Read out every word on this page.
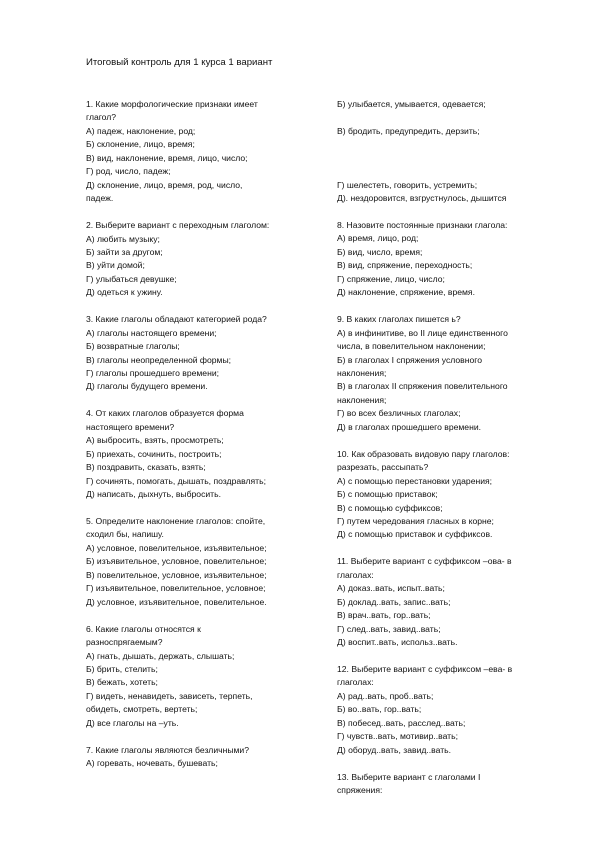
Итоговый контроль для 1 курса 1 вариант
1. Какие морфологические признаки имеет
глагол?
А) падеж, наклонение, род;
Б) склонение, лицо, время;
В) вид, наклонение, время, лицо, число;
Г) род, число, падеж;
Д) склонение, лицо, время, род, число,
падеж.
2. Выберите вариант с переходным глаголом:
А) любить музыку;
Б) зайти за другом;
В) уйти домой;
Г) улыбаться девушке;
Д) одеться к ужину.
3. Какие глаголы обладают категорией рода?
А) глаголы настоящего времени;
Б) возвратные глаголы;
В) глаголы неопределенной формы;
Г) глаголы прошедшего времени;
Д) глаголы будущего времени.
4. От каких глаголов образуется форма
настоящего времени?
А) выбросить, взять, просмотреть;
Б) приехать, сочинить, построить;
В) поздравить, сказать, взять;
Г) сочинять, помогать, дышать, поздравлять;
Д) написать, дыхнуть, выбросить.
5. Определите наклонение глаголов: спойте,
сходил бы, напишу.
А) условное, повелительное, изъявительное;
Б) изъявительное, условное, повелительное;
В) повелительное, условное, изъявительное;
Г) изъявительное, повелительное, условное;
Д) условное, изъявительное, повелительное.
6. Какие глаголы относятся к
разноспрягаемым?
А) гнать, дышать, держать, слышать;
Б) брить, стелить;
В) бежать, хотеть;
Г) видеть, ненавидеть, зависеть, терпеть,
обидеть, смотреть, вертеть;
Д) все глаголы на –уть.
7. Какие глаголы являются безличными?
А) горевать, ночевать, бушевать;
Б) улыбается, умывается, одевается;
В) бродить, предупредить, дерзить;
Г) шелестеть, говорить, устремить;
Д). нездоровится, взгрустнулось, дышится
8. Назовите постоянные признаки глагола:
А) время, лицо, род;
Б) вид, число, время;
В) вид, спряжение, переходность;
Г) спряжение, лицо, число;
Д) наклонение, спряжение, время.
9. В каких глаголах пишется ь?
А) в инфинитиве, во II лице единственного
числа, в повелительном наклонении;
Б) в глаголах I спряжения условного
наклонения;
В) в глаголах II спряжения повелительного
наклонения;
Г) во всех безличных глаголах;
Д) в глаголах прошедшего времени.
10. Как образовать видовую пару глаголов:
разрезать, рассыпать?
А) с помощью перестановки ударения;
Б) с помощью приставок;
В) с помощью суффиксов;
Г) путем чередования гласных в корне;
Д) с помощью приставок и суффиксов.
11. Выберите вариант с суффиксом –ова- в
глаголах:
А) доказ..вать, испыт..вать;
Б) доклад..вать, запис..вать;
В) врач..вать, гор..вать;
Г) след..вать, завид..вать;
Д) воспит..вать, использ..вать.
12. Выберите вариант с суффиксом –ева- в
глаголах:
А) рад..вать, проб..вать;
Б) во..вать, гор..вать;
В) побесед..вать, расслед..вать;
Г) чувств..вать, мотивир..вать;
Д) оборуд..вать, завид..вать.
13. Выберите вариант с глаголами I
спряжения:
